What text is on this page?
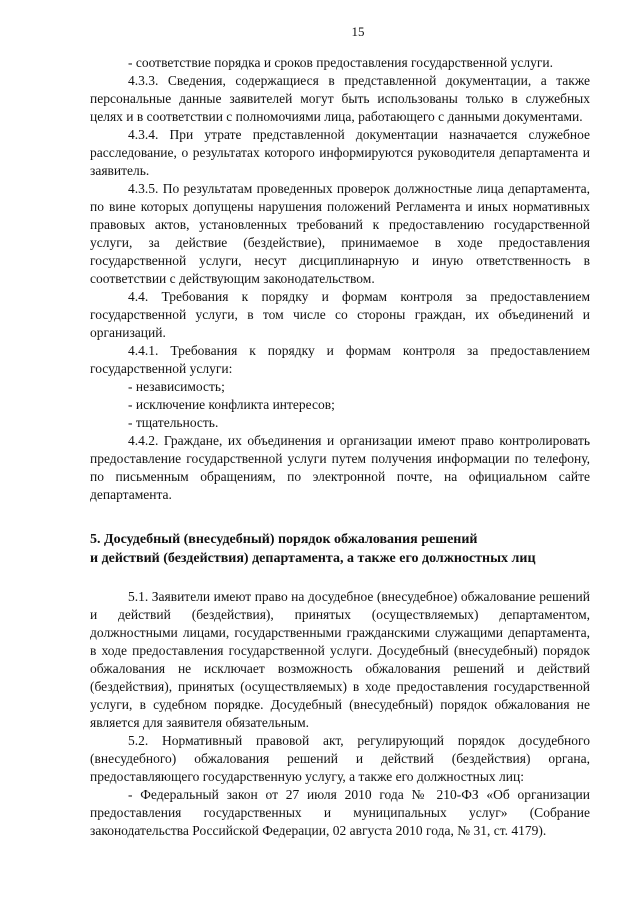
15

- соответствие порядка и сроков предоставления государственной услуги.

4.3.3. Сведения, содержащиеся в представленной документации, а также персональные данные заявителей могут быть использованы только в служебных целях и в соответствии с полномочиями лица, работающего с данными документами.

4.3.4. При утрате представленной документации назначается служебное расследование, о результатах которого информируются руководителя департамента и заявитель.

4.3.5. По результатам проведенных проверок должностные лица департамента, по вине которых допущены нарушения положений Регламента и иных нормативных правовых актов, установленных требований к предоставлению государственной услуги, за действие (бездействие), принимаемое в ходе предоставления государственной услуги, несут дисциплинарную и иную ответственность в соответствии с действующим законодательством.

4.4. Требования к порядку и формам контроля за предоставлением государственной услуги, в том числе со стороны граждан, их объединений и организаций.

4.4.1. Требования к порядку и формам контроля за предоставлением государственной услуги:

- независимость;

- исключение конфликта интересов;

- тщательность.

4.4.2. Граждане, их объединения и организации имеют право контролировать предоставление государственной услуги путем получения информации по телефону, по письменным обращениям, по электронной почте, на официальном сайте департамента.

5. Досудебный (внесудебный) порядок обжалования решений
и действий (бездействия) департамента, а также его должностных лиц

5.1. Заявители имеют право на досудебное (внесудебное) обжалование решений и действий (бездействия), принятых (осуществляемых) департаментом, должностными лицами, государственными гражданскими служащими департамента, в ходе предоставления государственной услуги. Досудебный (внесудебный) порядок обжалования не исключает возможность обжалования решений и действий (бездействия), принятых (осуществляемых) в ходе предоставления государственной услуги, в судебном порядке. Досудебный (внесудебный) порядок обжалования не является для заявителя обязательным.

5.2. Нормативный правовой акт, регулирующий порядок досудебного (внесудебного) обжалования решений и действий (бездействия) органа, предоставляющего государственную услугу, а также его должностных лиц:

- Федеральный закон от 27 июля 2010 года № 210-ФЗ «Об организации предоставления государственных и муниципальных услуг» (Собрание законодательства Российской Федерации, 02 августа 2010 года, № 31, ст. 4179).
